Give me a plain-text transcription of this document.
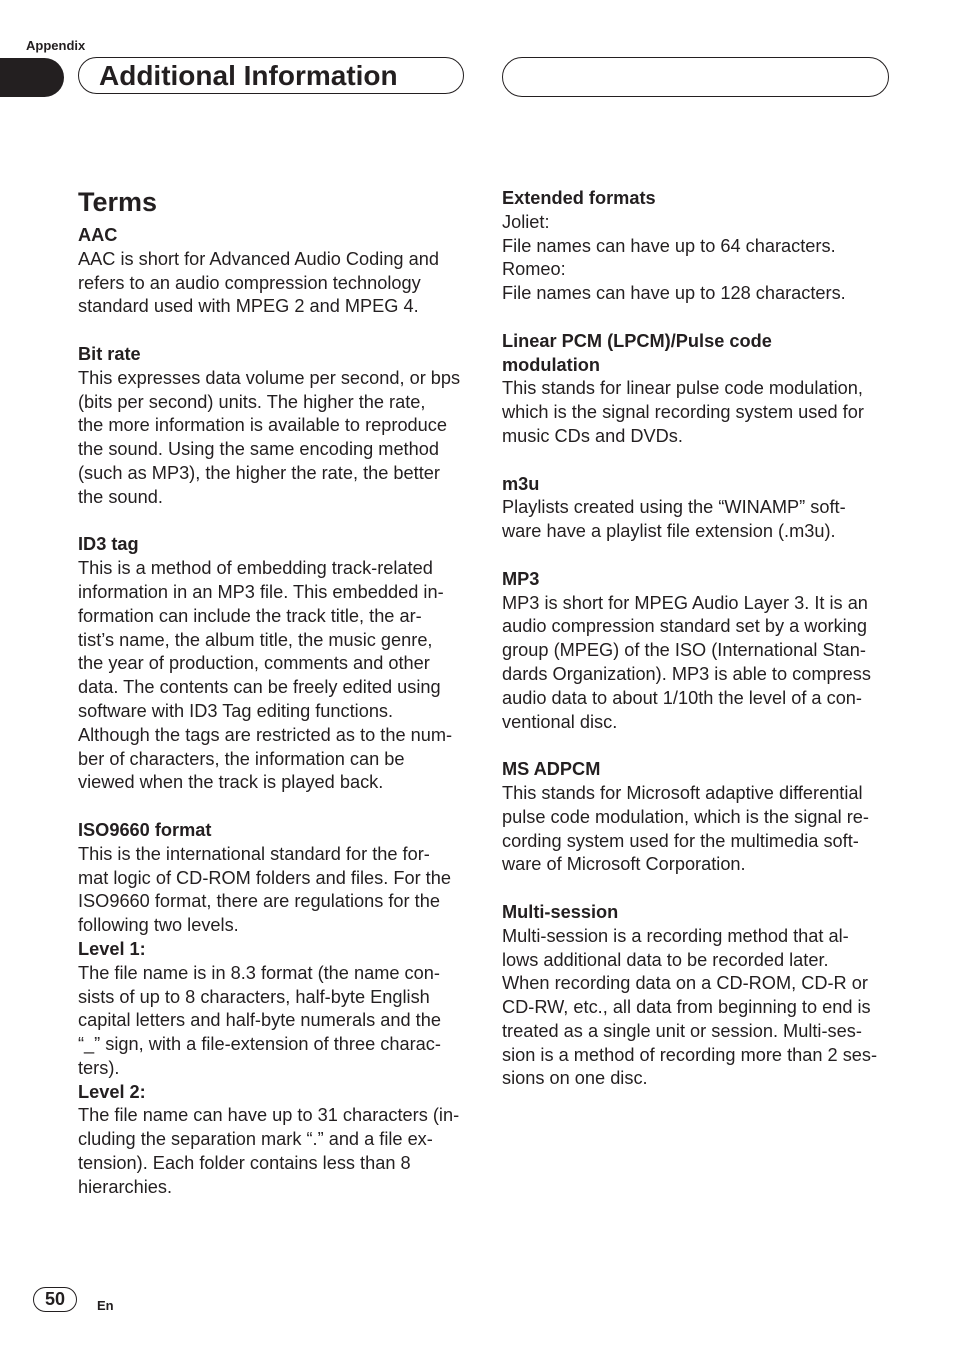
Appendix
Additional Information
Terms
AAC
AAC is short for Advanced Audio Coding and
refers to an audio compression technology
standard used with MPEG 2 and MPEG 4.
Bit rate
This expresses data volume per second, or bps
(bits per second) units. The higher the rate,
the more information is available to reproduce
the sound. Using the same encoding method
(such as MP3), the higher the rate, the better
the sound.
ID3 tag
This is a method of embedding track-related
information in an MP3 file. This embedded in-
formation can include the track title, the ar-
tist’s name, the album title, the music genre,
the year of production, comments and other
data. The contents can be freely edited using
software with ID3 Tag editing functions.
Although the tags are restricted as to the num-
ber of characters, the information can be
viewed when the track is played back.
ISO9660 format
This is the international standard for the for-
mat logic of CD-ROM folders and files. For the
ISO9660 format, there are regulations for the
following two levels.
Level 1:
The file name is in 8.3 format (the name con-
sists of up to 8 characters, half-byte English
capital letters and half-byte numerals and the
“_” sign, with a file-extension of three charac-
ters).
Level 2:
The file name can have up to 31 characters (in-
cluding the separation mark “.” and a file ex-
tension). Each folder contains less than 8
hierarchies.
Extended formats
Joliet:
File names can have up to 64 characters.
Romeo:
File names can have up to 128 characters.
Linear PCM (LPCM)/Pulse code
modulation
This stands for linear pulse code modulation,
which is the signal recording system used for
music CDs and DVDs.
m3u
Playlists created using the “WINAMP” soft-
ware have a playlist file extension (.m3u).
MP3
MP3 is short for MPEG Audio Layer 3. It is an
audio compression standard set by a working
group (MPEG) of the ISO (International Stan-
dards Organization). MP3 is able to compress
audio data to about 1/10th the level of a con-
ventional disc.
MS ADPCM
This stands for Microsoft adaptive differential
pulse code modulation, which is the signal re-
cording system used for the multimedia soft-
ware of Microsoft Corporation.
Multi-session
Multi-session is a recording method that al-
lows additional data to be recorded later.
When recording data on a CD-ROM, CD-R or
CD-RW, etc., all data from beginning to end is
treated as a single unit or session. Multi-ses-
sion is a method of recording more than 2 ses-
sions on one disc.
50	En
